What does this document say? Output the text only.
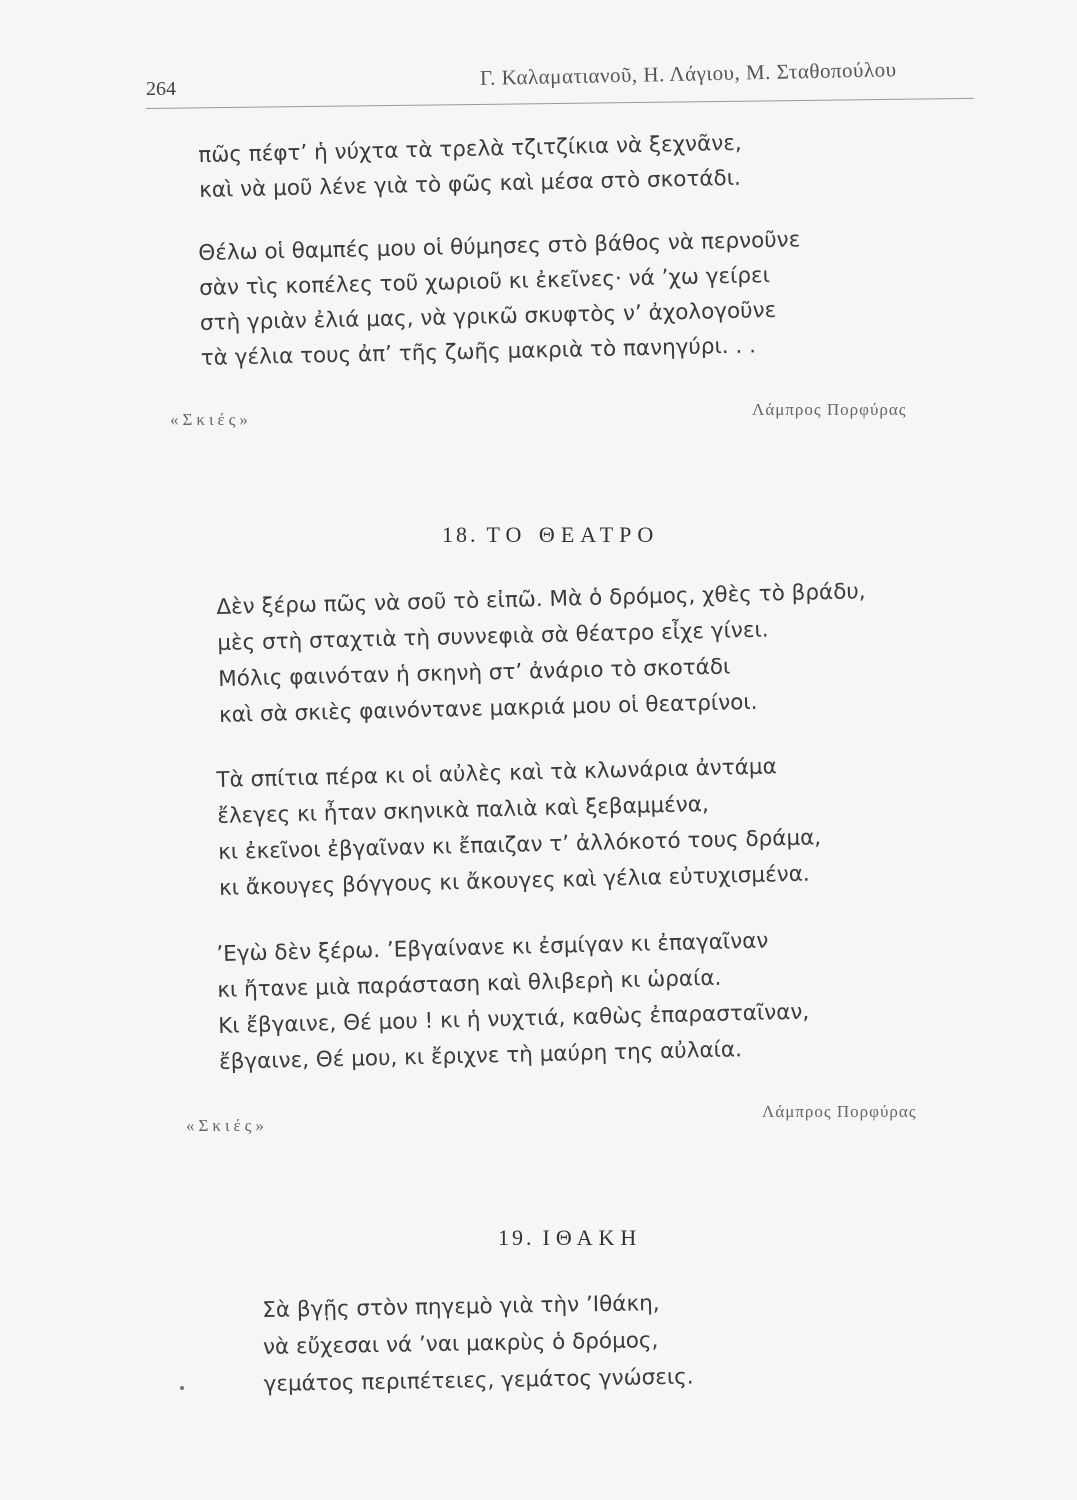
264	Γ. Καλαματιανοῦ, Η. Λάγιου, Μ. Σταθοπούλου
πῶς πέφτ’ ἡ νύχτα τὰ τρελὰ τζιτζίκια νὰ ξεχνᾶνε,
καὶ νὰ μοῦ λένε γιὰ τὸ φῶς καὶ μέσα στὸ σκοτάδι.
Θέλω οἱ θαμπές μου οἱ θύμησες στὸ βάθος νὰ περνοῦνε
σὰν τὶς κοπέλες τοῦ χωριοῦ κι ἐκεῖνες· νά ’χω γείρει
στὴ γριὰν ἐλιά μας, νὰ γρικῶ σκυφτὸς ν’ ἀχολογοῦνε
τὰ γέλια τους ἀπ’ τῆς ζωῆς μακριὰ τὸ πανηγύρι. . .
«Σκιές»
Λάμπρος Πορφύρας
18. ΤΟ ΘΕΑΤΡΟ
Δὲν ξέρω πῶς νὰ σοῦ τὸ εἰπῶ. Μὰ ὁ δρόμος, χθὲς τὸ βράδυ,
μὲς στὴ σταχτιὰ τὴ συννεφιὰ σὰ θέατρο εἶχε γίνει.
Μόλις φαινόταν ἡ σκηνὴ στ’ ἀνάριο τὸ σκοτάδι
καὶ σὰ σκιὲς φαινόντανε μακριά μου οἱ θεατρίνοι.
Τὰ σπίτια πέρα κι οἱ αὐλὲς καὶ τὰ κλωνάρια ἀντάμα
ἔλεγες κι ἦταν σκηνικὰ παλιὰ καὶ ξεβαμμένα,
κι ἐκεῖνοι ἐβγαῖναν κι ἔπαιζαν τ’ ἀλλόκοτό τους δράμα,
κι ἄκουγες βόγγους κι ἄκουγες καὶ γέλια εὐτυχισμένα.
’Εγὼ δὲν ξέρω. ’Εβγαίνανε κι ἐσμίγαν κι ἐπαγαῖναν
κι ἤτανε μιὰ παράσταση καὶ θλιβερὴ κι ὡραία.
Κι ἔβγαινε, Θέ μου ! κι ἡ νυχτιά, καθὼς ἐπαρασταῖναν,
ἔβγαινε, Θέ μου, κι ἔριχνε τὴ μαύρη της αὐλαία.
«Σκιές»
Λάμπρος Πορφύρας
19. ΙΘΑΚΗ
Σὰ βγῇς στὸν πηγεμὸ γιὰ τὴν ’Ιθάκη,
νὰ εὔχεσαι νά ’ναι μακρὺς ὁ δρόμος,
γεμάτος περιπέτειες, γεμάτος γνώσεις.
